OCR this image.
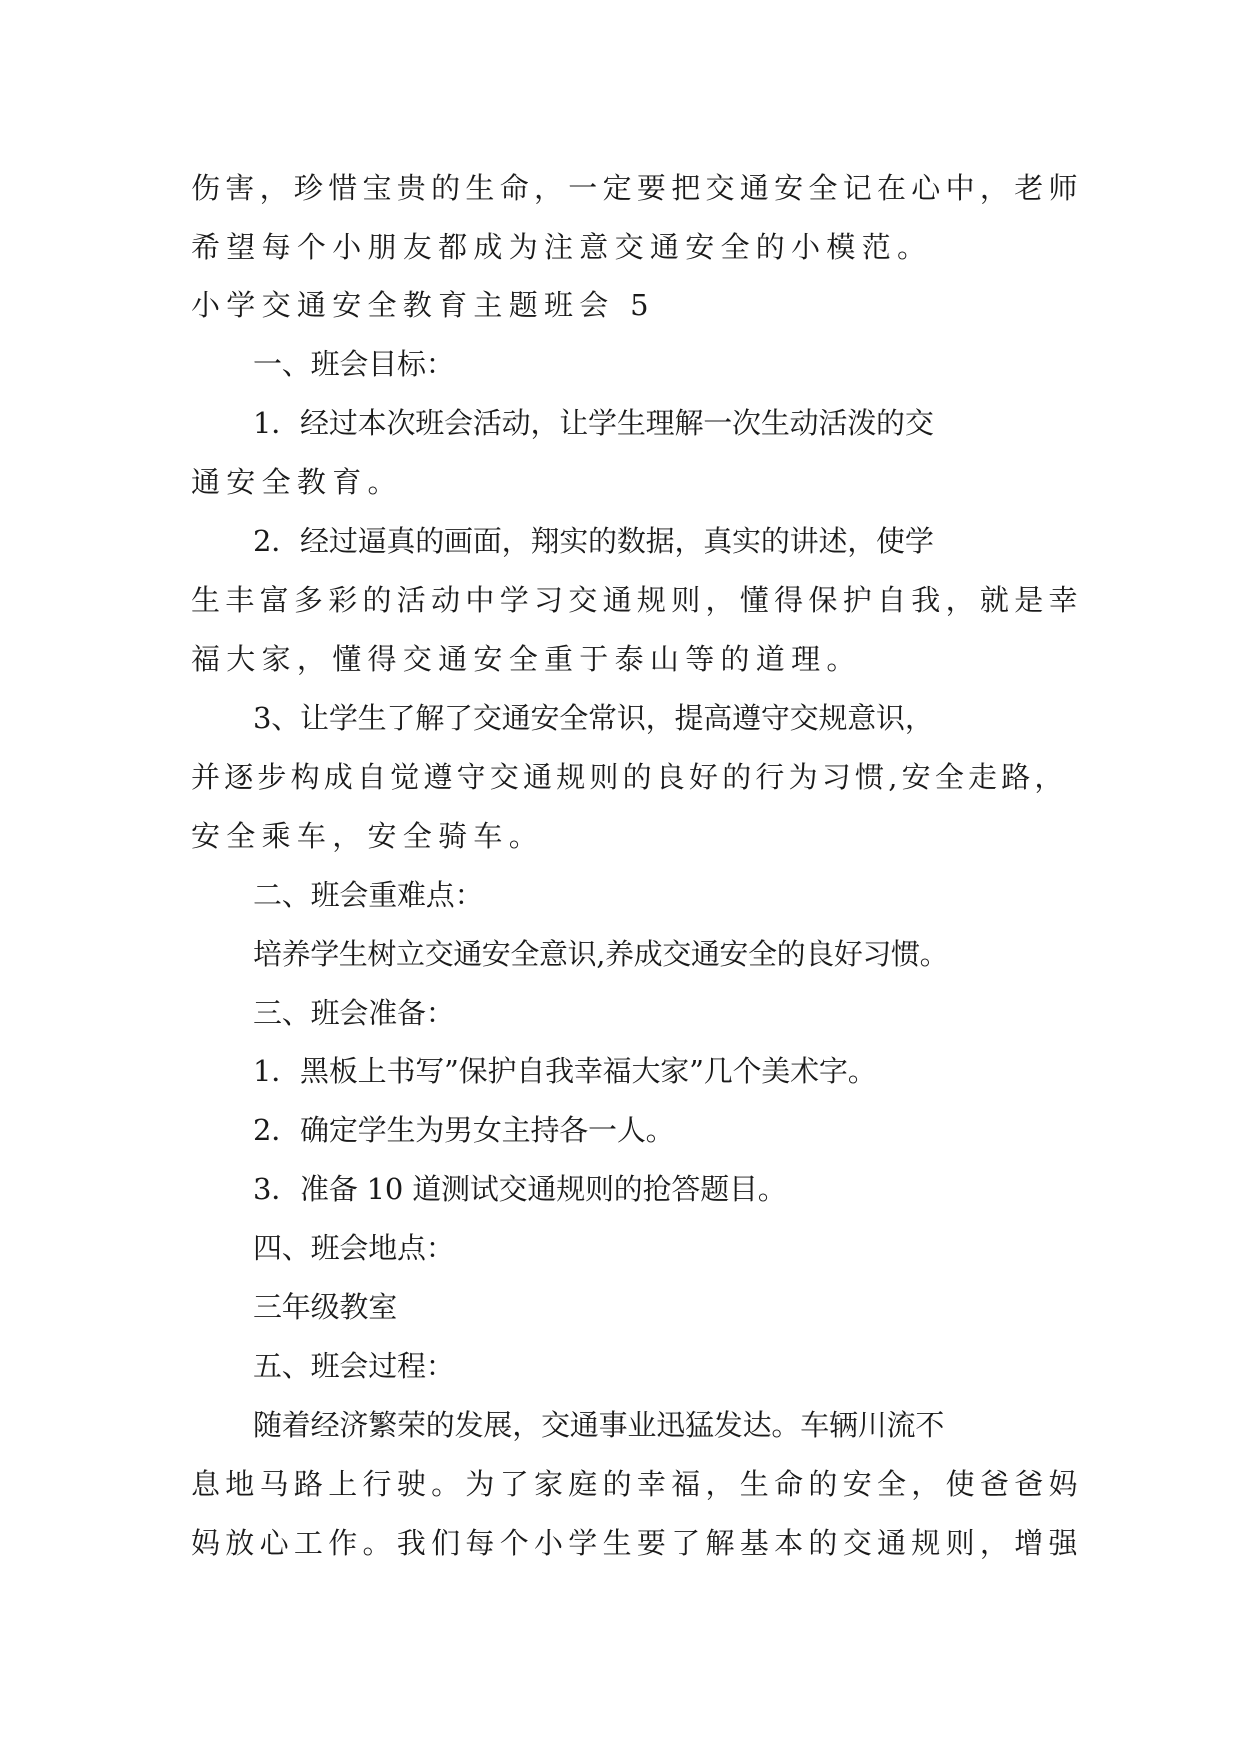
伤害，珍惜宝贵的生命，一定要把交通安全记在心中，老师
希望每个小朋友都成为注意交通安全的小模范。
小学交通安全教育主题班会 5
一、班会目标：
1．经过本次班会活动，让学生理解一次生动活泼的交
通安全教育。
2．经过逼真的画面，翔实的数据，真实的讲述，使学
生丰富多彩的活动中学习交通规则，懂得保护自我，就是幸
福大家，懂得交通安全重于泰山等的道理。
3、让学生了解了交通安全常识，提高遵守交规意识，
并逐步构成自觉遵守交通规则的良好的行为习惯,安全走路，
安全乘车，安全骑车。
二、班会重难点：
培养学生树立交通安全意识,养成交通安全的良好习惯。
三、班会准备：
1．黑板上书写”保护自我幸福大家”几个美术字。
2．确定学生为男女主持各一人。
3．准备 10 道测试交通规则的抢答题目。
四、班会地点：
三年级教室
五、班会过程：
随着经济繁荣的发展，交通事业迅猛发达。车辆川流不
息地马路上行驶。为了家庭的幸福，生命的安全，使爸爸妈
妈放心工作。我们每个小学生要了解基本的交通规则，增强
